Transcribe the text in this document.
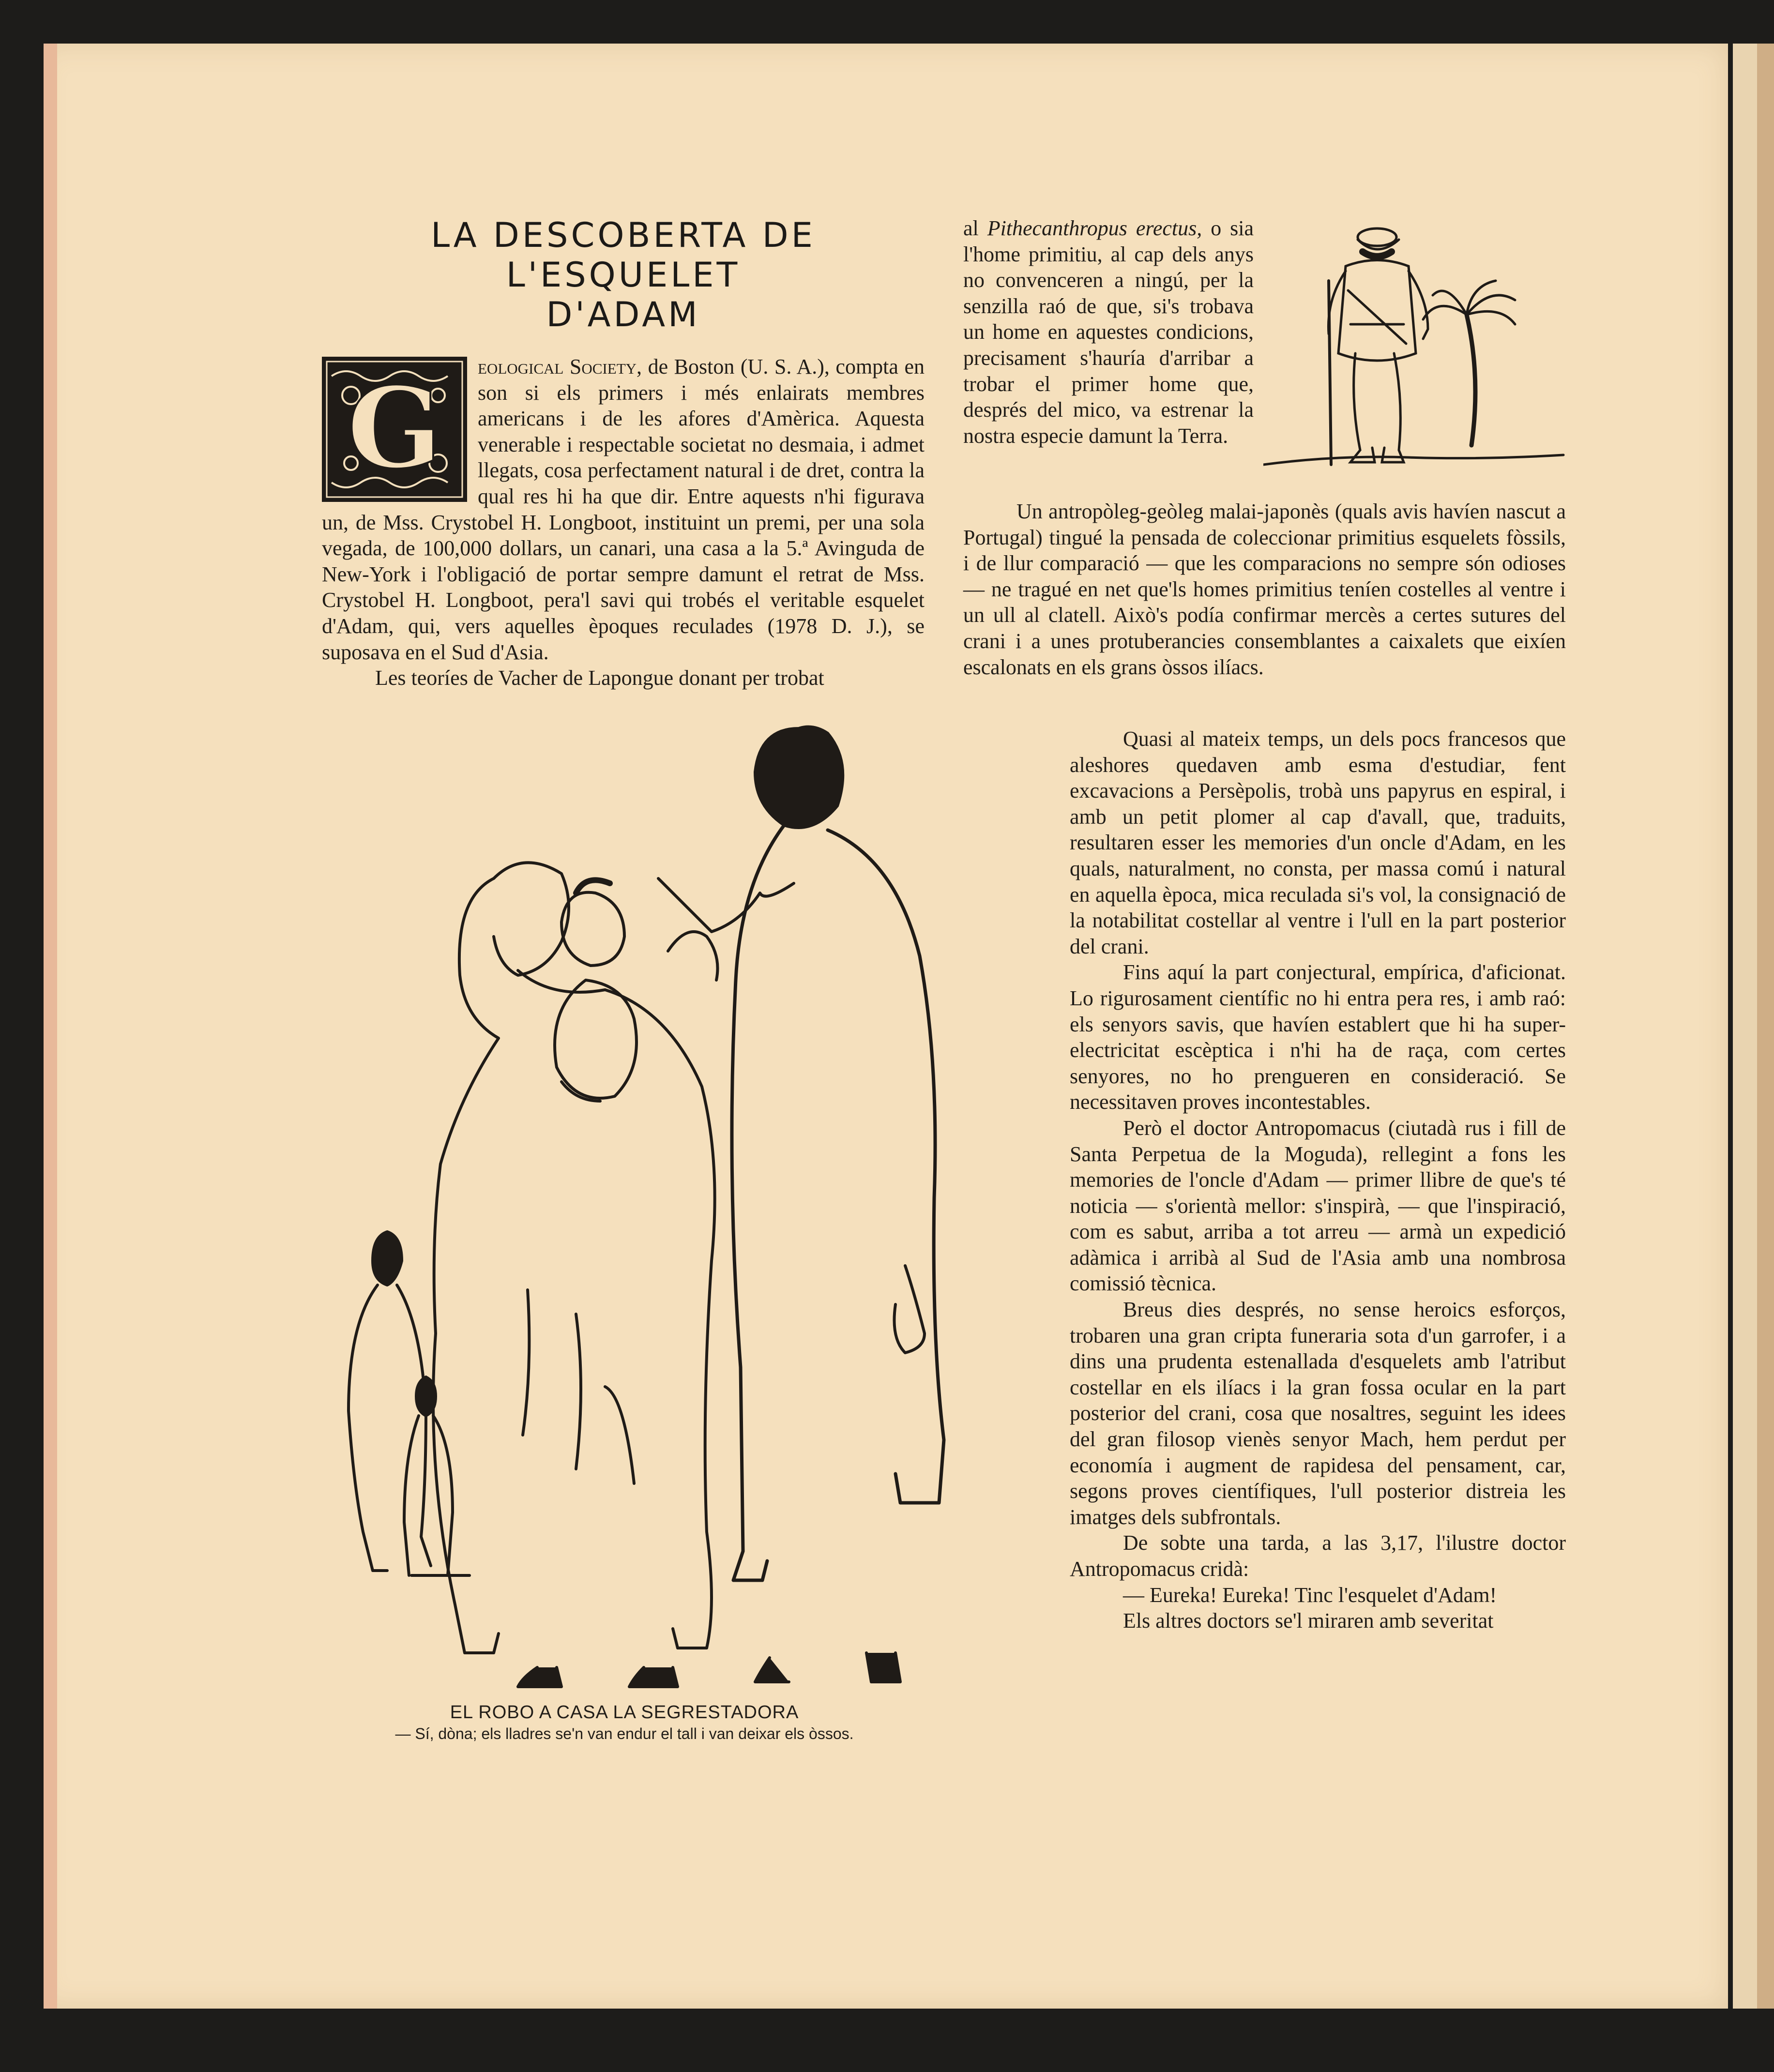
LA DESCOBERTA DE L'ESQUELET
D'ADAM
G	eological Society, de Boston (U. S. A.), compta en son si els primers i més enlairats membres americans i de les afores d'Amèrica. Aquesta venerable i respectable societat no desmaia, i admet llegats, cosa perfectament natural i de dret, contra la qual res hi ha que dir. Entre aquests n'hi figurava un, de Mss. Crystobel H. Longboot, instituint un premi, per una sola vegada, de 100,000 dollars, un canari, una casa a la 5.ª Avinguda de New-York i l'obligació de portar sempre damunt el retrat de Mss. Crystobel H. Longboot, pera'l savi qui trobés el veritable esquelet d'Adam, qui, vers aquelles èpoques reculades (1978 D. J.), se suposava en el Sud d'Asia.

Les teoríes de Vacher de Lapongue donant per trobat

al Pithecanthropus erectus, o sia l'home primitiu, al cap dels anys no convenceren a ningú, per la senzilla raó de que, si's trobava un home en aquestes condicions, precisament s'hauría d'arribar a trobar el primer home que, després del mico, va estrenar la nostra especie damunt la Terra.

Un antropòleg-geòleg malai-japonès (quals avis havíen nascut a Portugal) tingué la pensada de coleccionar primitius esquelets fòssils, i de llur comparació — que les comparacions no sempre són odioses — ne tragué en net que'ls homes primitius teníen costelles al ventre i un ull al clatell. Això's podía confirmar mercès a certes sutures del crani i a unes protuberancies consemblantes a caixalets que eixíen escalonats en els grans òssos ilíacs.

Quasi al mateix temps, un dels pocs francesos que aleshores quedaven amb esma d'estudiar, fent excavacions a Persèpolis, trobà uns papyrus en espiral, i amb un petit plomer al cap d'avall, que, traduits, resultaren esser les memories d'un oncle d'Adam, en les quals, naturalment, no consta, per massa comú i natural en aquella època, mica reculada si's vol, la consignació de la notabilitat costellar al ventre i l'ull en la part posterior del crani.

Fins aquí la part conjectural, empírica, d'aficionat. Lo rigurosament científic no hi entra pera res, i amb raó: els senyors savis, que havíen establert que hi ha super-electricitat escèptica i n'hi ha de raça, com certes senyores, no ho prengueren en consideració. Se necessitaven proves incontestables.

Però el doctor Antropomacus (ciutadà rus i fill de Santa Perpetua de la Moguda), rellegint a fons les memories de l'oncle d'Adam — primer llibre de que's té noticia — s'orientà mellor: s'inspirà, — que l'inspiració, com es sabut, arriba a tot arreu — armà un expedició adàmica i arribà al Sud de l'Asia amb una nombrosa comissió tècnica.

Breus dies després, no sense heroics esforços, trobaren una gran cripta funeraria sota d'un garrofer, i a dins una prudenta estenallada d'esquelets amb l'atribut costellar en els ilíacs i la gran fossa ocular en la part posterior del crani, cosa que nosaltres, seguint les idees del gran filosop vienès senyor Mach, hem perdut per economía i augment de rapidesa del pensament, car, segons proves científiques, l'ull posterior distreia les imatges dels subfrontals.

De sobte una tarda, a las 3,17, l'ilustre doctor Antropomacus cridà:

— Eureka! Eureka! Tinc l'esquelet d'Adam!

Els altres doctors se'l miraren amb severitat

EL ROBO A CASA LA SEGRESTADORA
— Sí, dòna; els lladres se'n van endur el tall i van deixar els òssos.
